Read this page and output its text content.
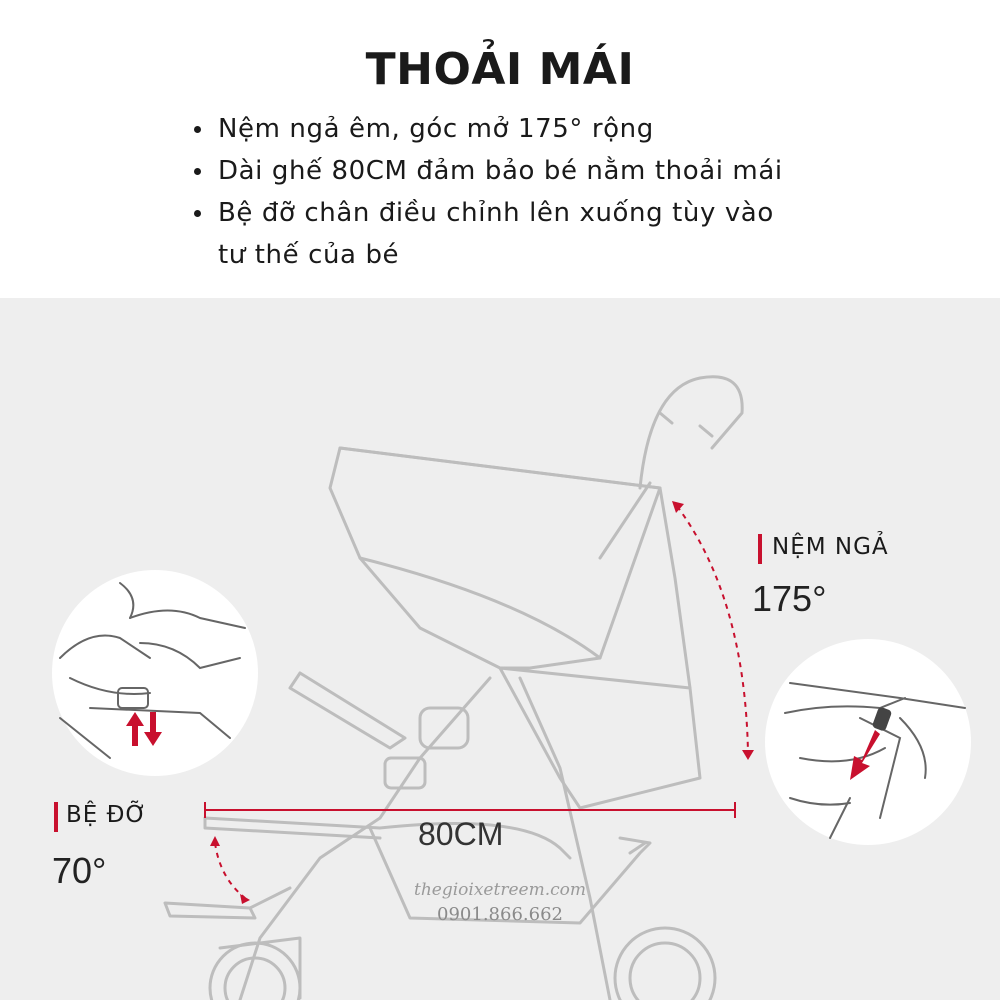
THOẢI MÁI
Nệm ngả êm, góc mở 175° rộng
Dài ghế 80CM đảm bảo bé nằm thoải mái
Bệ đỡ chân điều chỉnh lên xuống tùy vào
tư thế của bé
NỆM NGẢ
175°
BỆ ĐỠ
70°
80CM
thegioixetreem.com
0901.866.662
